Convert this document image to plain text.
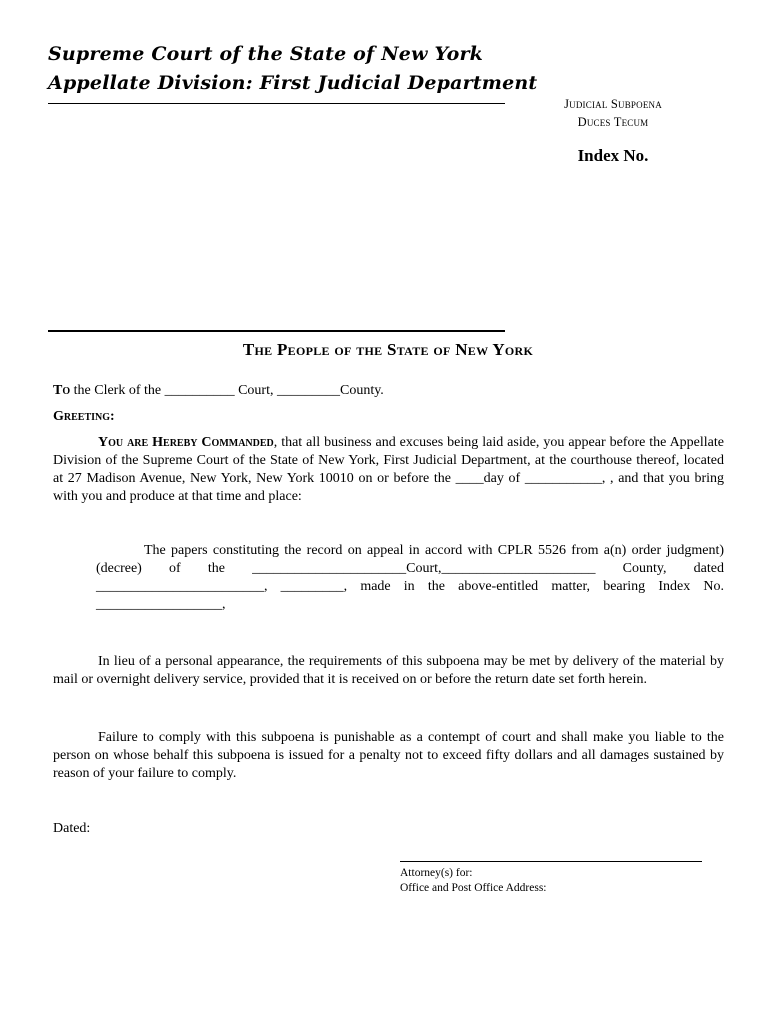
Supreme Court of the State of New York
Appellate Division: First Judicial Department
Judicial Subpoena
Duces Tecum
Index No.
The People of the State of New York
To the Clerk of the __________ Court, _________County.
Greeting:
You are Hereby Commanded, that all business and excuses being laid aside, you appear before the Appellate Division of the Supreme Court of the State of New York, First Judicial Department, at the courthouse thereof, located at 27 Madison Avenue, New York, New York 10010 on or before the ____day of ___________, , and that you bring with you and produce at that time and place:
The papers constituting the record on appeal in accord with CPLR 5526 from a(n) order judgment) (decree) of the ______________________Court,______________________ County, dated ________________________, _________, made in the above-entitled matter, bearing Index No. __________________,
In lieu of a personal appearance, the requirements of this subpoena may be met by delivery of the material by mail or overnight delivery service, provided that it is received on or before the return date set forth herein.
Failure to comply with this subpoena is punishable as a contempt of court and shall make you liable to the person on whose behalf this subpoena is issued for a penalty not to exceed fifty dollars and all damages sustained by reason of your failure to comply.
Dated:
Attorney(s) for:
Office and Post Office Address:
